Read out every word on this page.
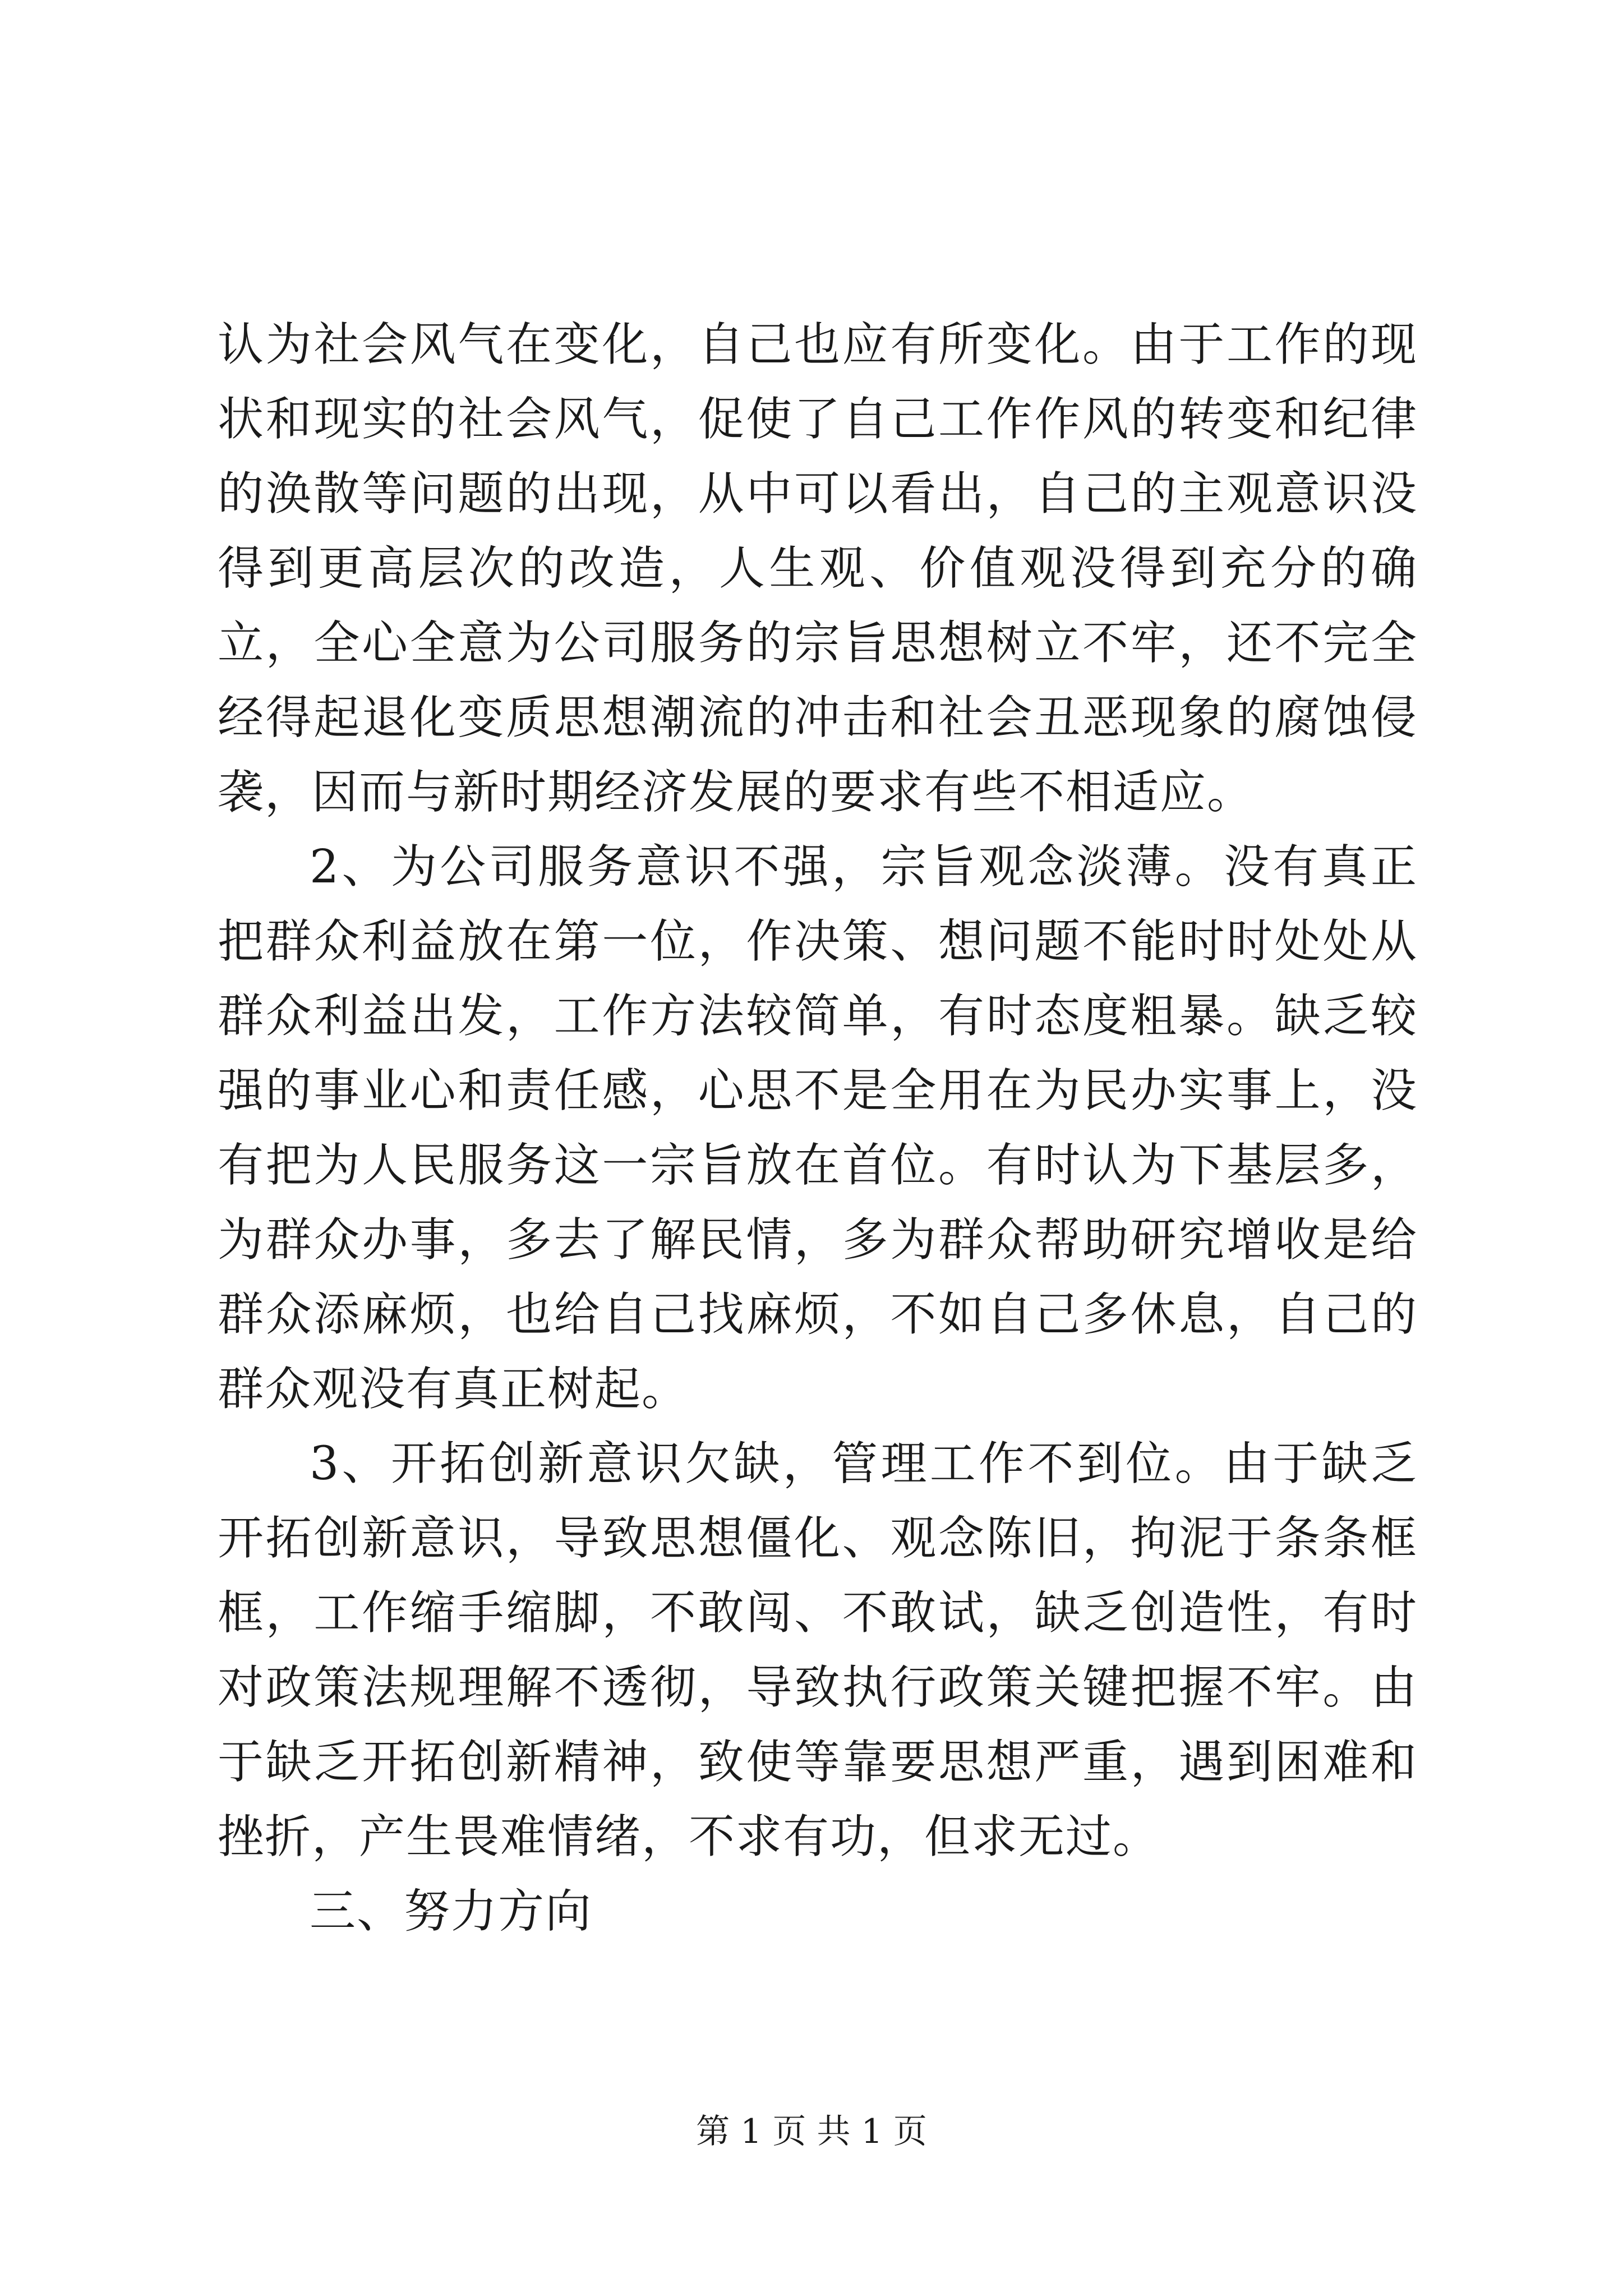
认为社会风气在变化，自己也应有所变化。由于工作的现状和现实的社会风气，促使了自己工作作风的转变和纪律的涣散等问题的出现，从中可以看出，自己的主观意识没得到更高层次的改造，人生观、价值观没得到充分的确立，全心全意为公司服务的宗旨思想树立不牢，还不完全经得起退化变质思想潮流的冲击和社会丑恶现象的腐蚀侵袭，因而与新时期经济发展的要求有些不相适应。

2、为公司服务意识不强，宗旨观念淡薄。没有真正把群众利益放在第一位，作决策、想问题不能时时处处从群众利益出发，工作方法较简单，有时态度粗暴。缺乏较强的事业心和责任感，心思不是全用在为民办实事上，没有把为人民服务这一宗旨放在首位。有时认为下基层多，为群众办事，多去了解民情，多为群众帮助研究增收是给群众添麻烦，也给自己找麻烦，不如自己多休息，自己的群众观没有真正树起。

3、开拓创新意识欠缺，管理工作不到位。由于缺乏开拓创新意识，导致思想僵化、观念陈旧，拘泥于条条框框，工作缩手缩脚，不敢闯、不敢试，缺乏创造性，有时对政策法规理解不透彻，导致执行政策关键把握不牢。由于缺乏开拓创新精神，致使等靠要思想严重，遇到困难和挫折，产生畏难情绪，不求有功，但求无过。

三、努力方向

第 1 页 共 1 页
